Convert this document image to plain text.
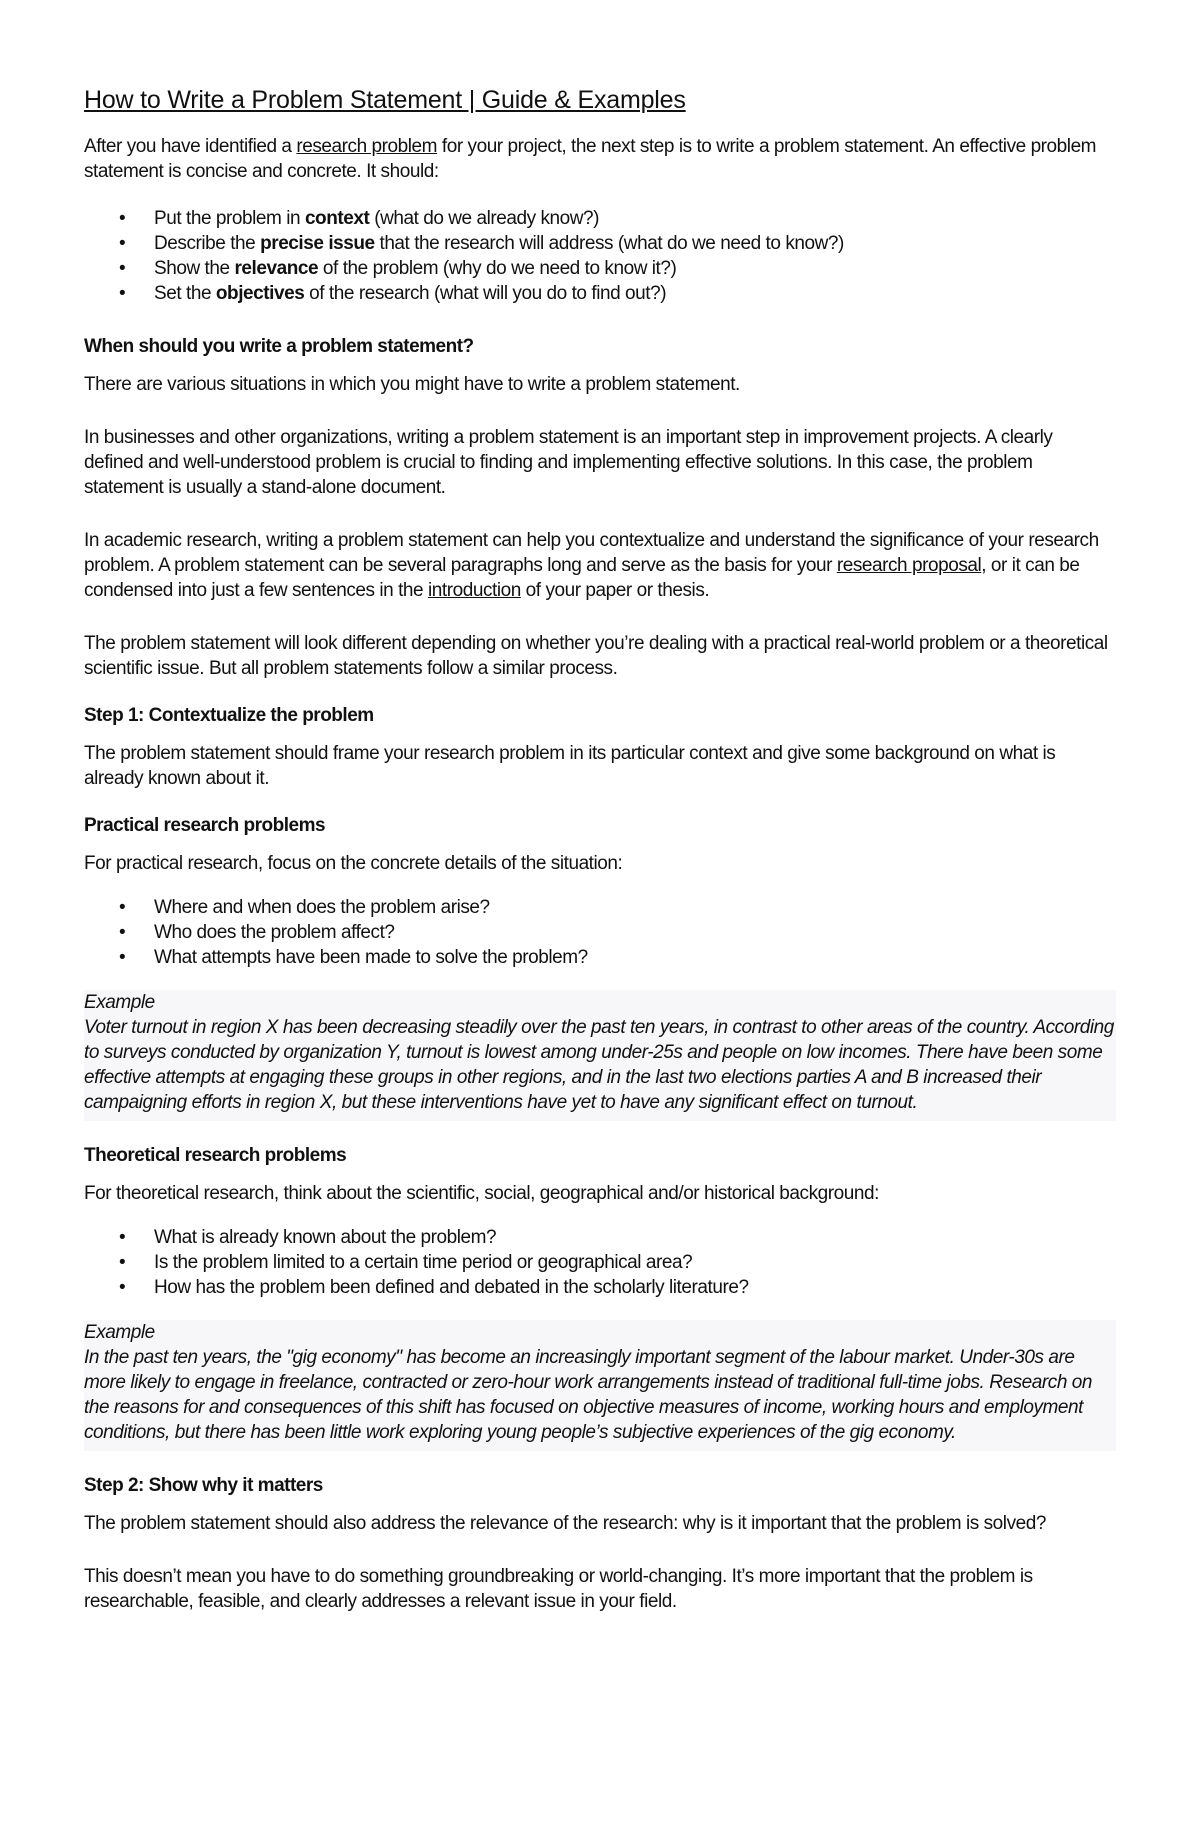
How to Write a Problem Statement | Guide & Examples

After you have identified a research problem for your project, the next step is to write a problem statement. An effective problem statement is concise and concrete. It should:

• Put the problem in context (what do we already know?)
• Describe the precise issue that the research will address (what do we need to know?)
• Show the relevance of the problem (why do we need to know it?)
• Set the objectives of the research (what will you do to find out?)
When should you write a problem statement?

There are various situations in which you might have to write a problem statement.

In businesses and other organizations, writing a problem statement is an important step in improvement projects. A clearly defined and well-understood problem is crucial to finding and implementing effective solutions. In this case, the problem statement is usually a stand-alone document.

In academic research, writing a problem statement can help you contextualize and understand the significance of your research problem. A problem statement can be several paragraphs long and serve as the basis for your research proposal, or it can be condensed into just a few sentences in the introduction of your paper or thesis.

The problem statement will look different depending on whether you’re dealing with a practical real-world problem or a theoretical scientific issue. But all problem statements follow a similar process.

Step 1: Contextualize the problem

The problem statement should frame your research problem in its particular context and give some background on what is already known about it.

Practical research problems

For practical research, focus on the concrete details of the situation:

• Where and when does the problem arise?
• Who does the problem affect?
• What attempts have been made to solve the problem?
Example
Voter turnout in region X has been decreasing steadily over the past ten years, in contrast to other areas of the country. According to surveys conducted by organization Y, turnout is lowest among under-25s and people on low incomes. There have been some effective attempts at engaging these groups in other regions, and in the last two elections parties A and B increased their campaigning efforts in region X, but these interventions have yet to have any significant effect on turnout.
Theoretical research problems

For theoretical research, think about the scientific, social, geographical and/or historical background:

• What is already known about the problem?
• Is the problem limited to a certain time period or geographical area?
• How has the problem been defined and debated in the scholarly literature?
Example
In the past ten years, the "gig economy" has become an increasingly important segment of the labour market. Under-30s are more likely to engage in freelance, contracted or zero-hour work arrangements instead of traditional full-time jobs. Research on the reasons for and consequences of this shift has focused on objective measures of income, working hours and employment conditions, but there has been little work exploring young people’s subjective experiences of the gig economy.
Step 2: Show why it matters

The problem statement should also address the relevance of the research: why is it important that the problem is solved?

This doesn’t mean you have to do something groundbreaking or world-changing. It’s more important that the problem is researchable, feasible, and clearly addresses a relevant issue in your field.
